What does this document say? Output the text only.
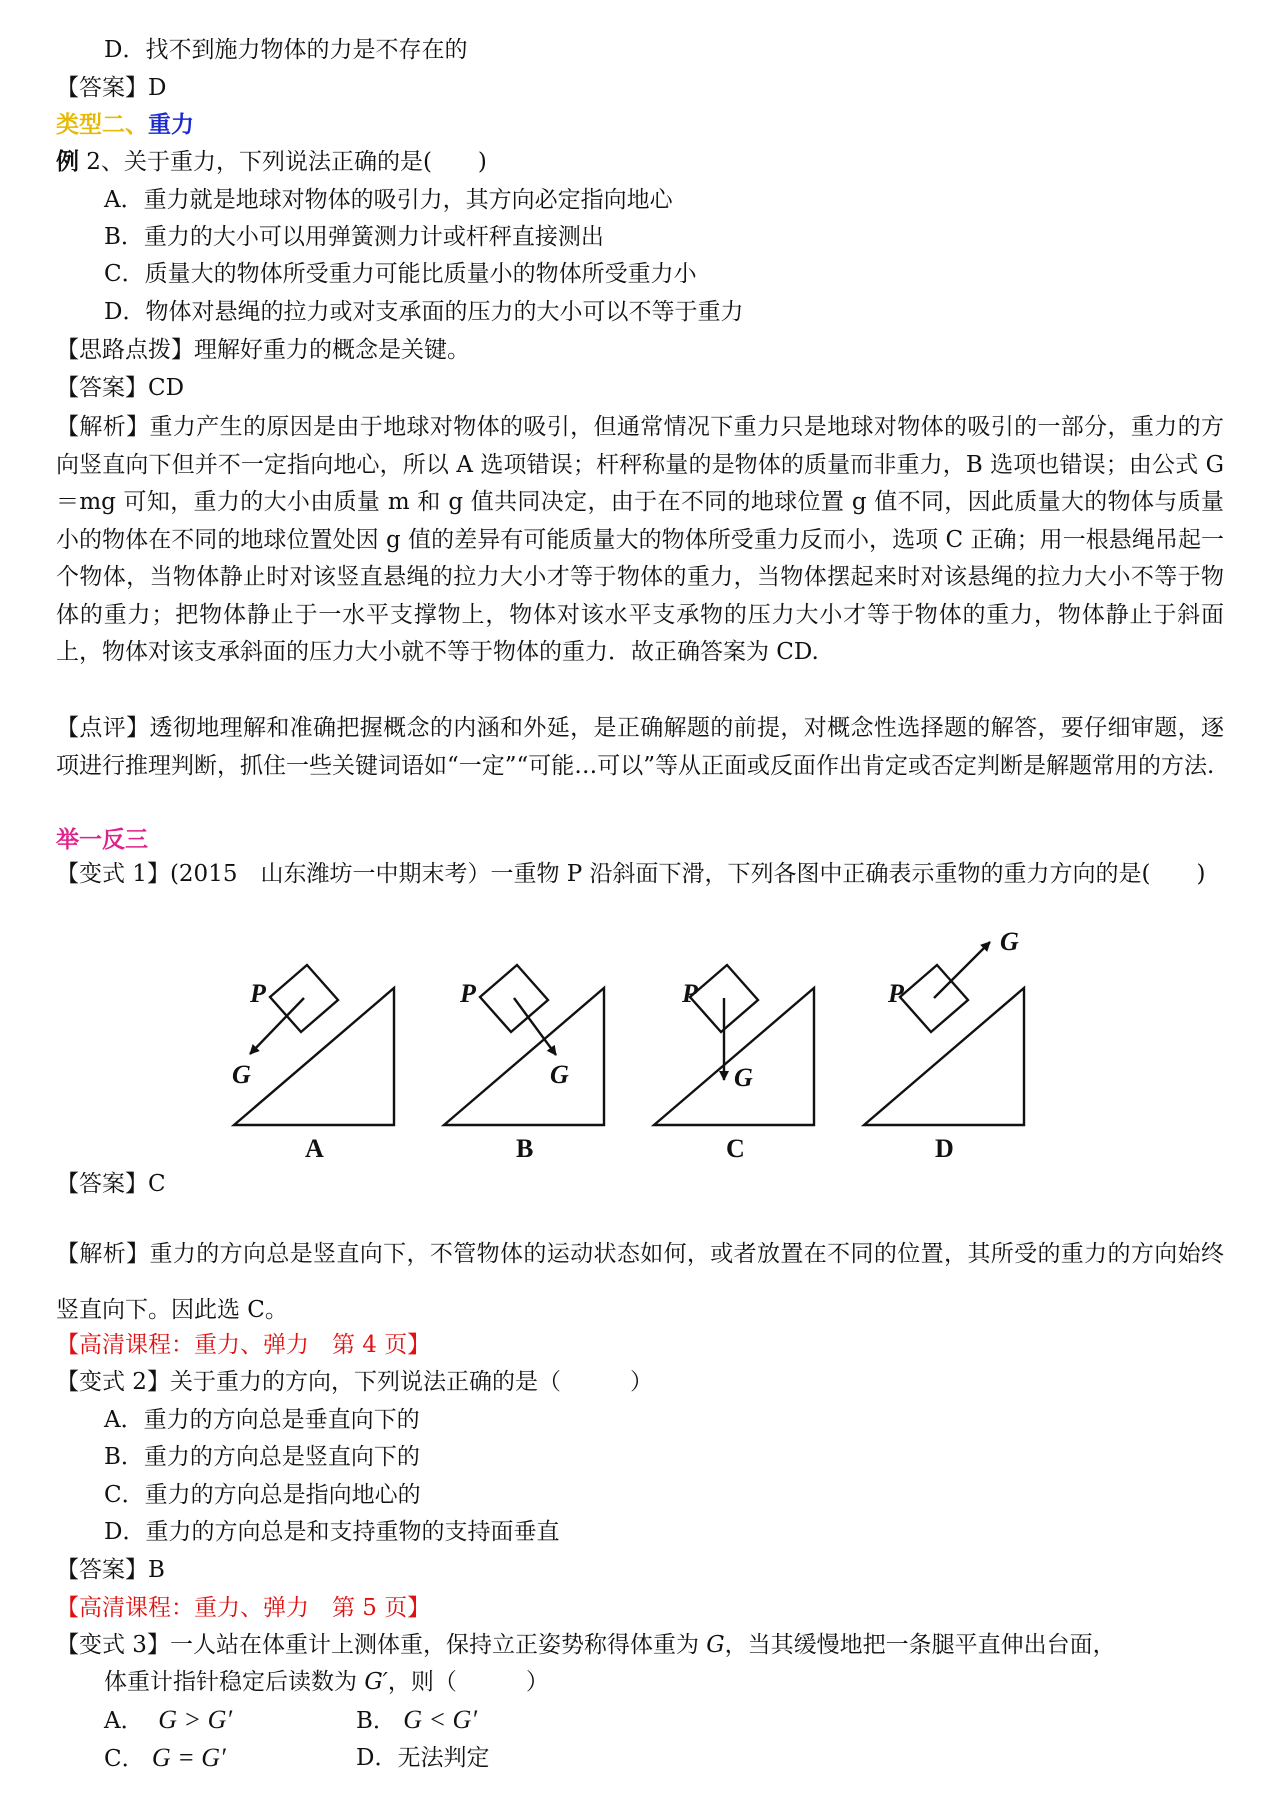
D．找不到施力物体的力是不存在的
【答案】D
类型二、重力
例 2、关于重力，下列说法正确的是(　　)
A．重力就是地球对物体的吸引力，其方向必定指向地心
B．重力的大小可以用弹簧测力计或杆秤直接测出
C．质量大的物体所受重力可能比质量小的物体所受重力小
D．物体对悬绳的拉力或对支承面的压力的大小可以不等于重力
【思路点拨】理解好重力的概念是关键。
【答案】CD
【解析】重力产生的原因是由于地球对物体的吸引，但通常情况下重力只是地球对物体的吸引的一部分，重力的方向竖直向下但并不一定指向地心，所以 A 选项错误；杆秤称量的是物体的质量而非重力，B 选项也错误；由公式 G＝mg 可知，重力的大小由质量 m 和 g 值共同决定，由于在不同的地球位置 g 值不同，因此质量大的物体与质量小的物体在不同的地球位置处因 g 值的差异有可能质量大的物体所受重力反而小，选项 C 正确；用一根悬绳吊起一个物体，当物体静止时对该竖直悬绳的拉力大小才等于物体的重力，当物体摆起来时对该悬绳的拉力大小不等于物体的重力；把物体静止于一水平支撑物上，物体对该水平支承物的压力大小才等于物体的重力，物体静止于斜面上，物体对该支承斜面的压力大小就不等于物体的重力．故正确答案为 CD.
【点评】透彻地理解和准确把握概念的内涵和外延，是正确解题的前提，对概念性选择题的解答，要仔细审题，逐项进行推理判断，抓住一些关键词语如“一定”“可能…可以”等从正面或反面作出肯定或否定判断是解题常用的方法.
举一反三
【变式 1】(2015　山东潍坊一中期末考）一重物 P 沿斜面下滑，下列各图中正确表示重物的重力方向的是(　　)
P
G
A
P
G
B
P
G
C
P
G
D
【答案】C
【解析】重力的方向总是竖直向下，不管物体的运动状态如何，或者放置在不同的位置，其所受的重力的方向始终竖直向下。因此选 C。
【高清课程：重力、弹力　第 4 页】
【变式 2】关于重力的方向，下列说法正确的是（　　　）
A．重力的方向总是垂直向下的
B．重力的方向总是竖直向下的
C．重力的方向总是指向地心的
D．重力的方向总是和支持重物的支持面垂直
【答案】B
【高清课程：重力、弹力　第 5 页】
【变式 3】一人站在体重计上测体重，保持立正姿势称得体重为 G，当其缓慢地把一条腿平直伸出台面，
体重计指针稳定后读数为 G′，则（　　　）
A． G > G′	B． G < G′
C． G = G′	D．无法判定
